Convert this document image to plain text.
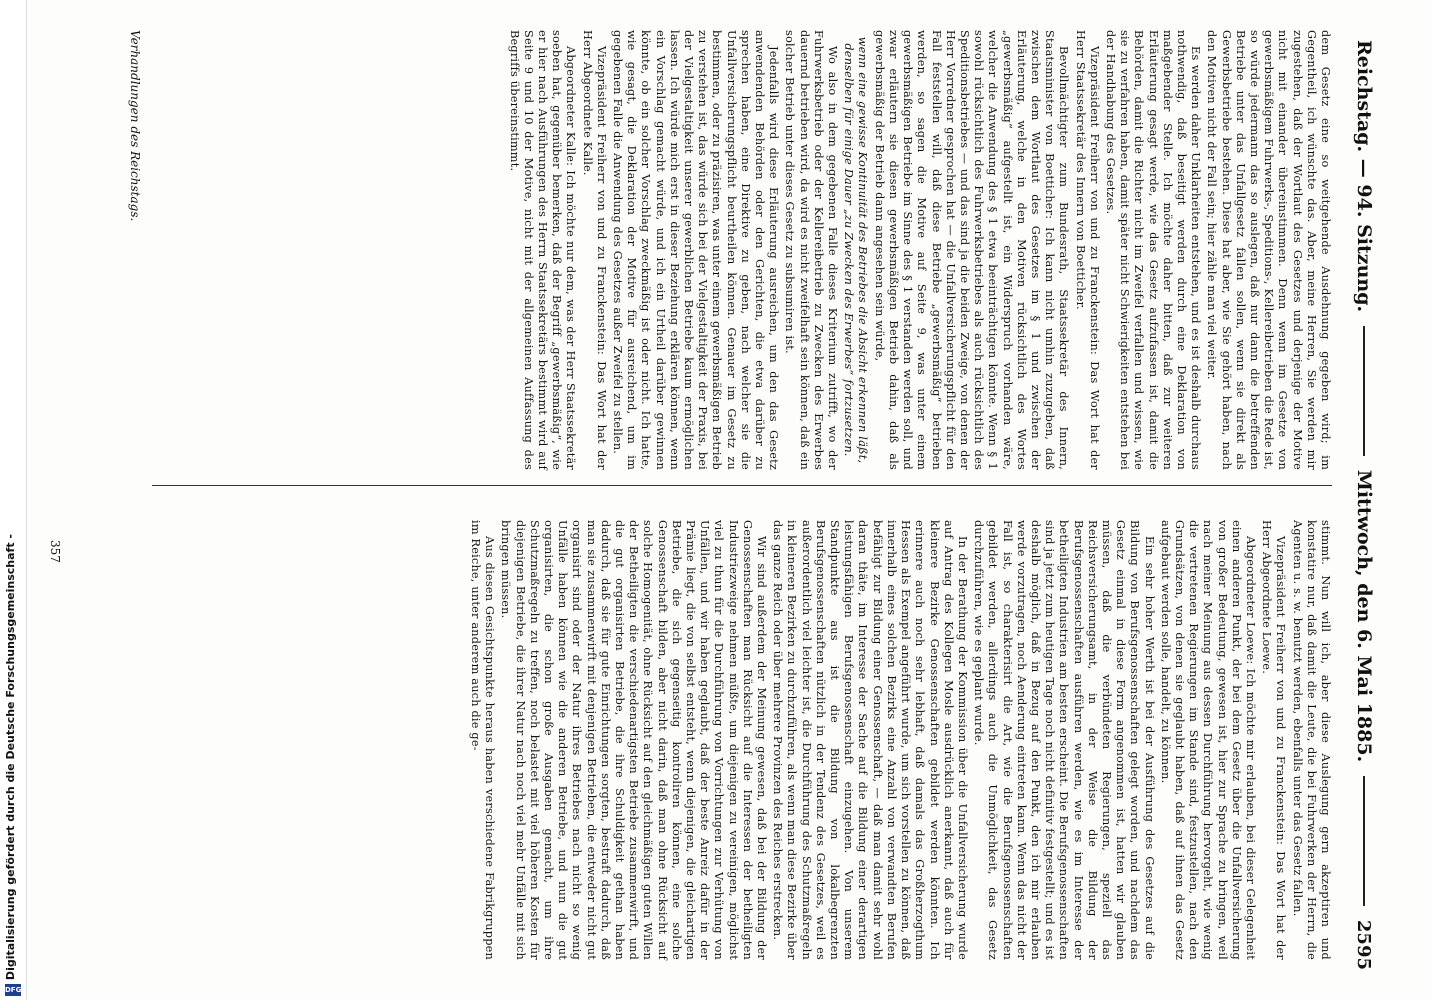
Digitalisierung gefördert durch die Deutsche Forschungsgemeinschaft -
DFG
Reichstag. — 94. Sitzung.
Mittwoch, den 6. Mai 1885.
2595

dem Gesetz eine so weitgehende Ausdehnung gegeben wird; im Gegentheil, ich wünschte das. Aber, meine Herren, Sie werden mir zugestehen, daß der Wortlaut des Gesetzes und derjenige der Motive nicht mit einander übereinstimmen. Denn wenn im Gesetze von gewerbsmäßigem Fuhrwerks-, Speditions-, Kellereibetrieben die Rede ist, so würde jedermann das so auslegen, daß nur dann die betreffenden Betriebe unter das Unfallgesetz fallen sollen, wenn sie direkt als Gewerbsbetriebe bestehen. Diese hat aber, wie Sie gehört haben, nach den Motiven nicht der Fall sein; hier zähle man viel weiter.

Es werden daher Unklarheiten entstehen, und es ist deshalb durchaus nothwendig, daß beseitigt werden durch eine Deklaration von maßgebender Stelle. Ich möchte daher bitten, daß zur weiteren Erläuterung gesagt werde, wie das Gesetz aufzufassen ist, damit die Behörden, damit die Richter nicht im Zweifel verfallen und wissen, wie sie zu verfahren haben, damit später nicht Schwierigkeiten entstehen bei der Handhabung des Gesetzes.

Vizepräsident Freiherr von und zu Franckenstein: Das Wort hat der Herr Staatssekretär des Innern von Boetticher.

Bevollmächtigter zum Bundesrath, Staatssekretär des Innern, Staatsminister von Boetticher: Ich kann nicht umhin zuzugeben, daß zwischen dem Wortlaut des Gesetzes im § 1 und zwischen der Erläuterung, welche in den Motiven rücksichtlich des Wortes „gewerbsmäßig“ aufgestellt ist, ein Widerspruch vorhanden wäre, welcher die Anwendung des § 1 etwa beeinträchtigen könnte. Wenn § 1 sowohl rücksichtlich des Fuhrwerksbetriebes als auch rücksichtlich des Speditionsbetriebes — und das sind ja die beiden Zweige, von denen der Herr Vorredner gesprochen hat — die Unfallversicherungspflicht für den Fall feststellen will, daß diese Betriebe „gewerbsmäßig“ betrieben werden, so sagen die Motive auf Seite 9, was unter einem gewerbsmäßigen Betriebe im Sinne des § 1 verstanden werden soll, und zwar erläutern sie diesen gewerbsmäßigen Betrieb dahin, daß als gewerbsmäßig der Betrieb dann angesehen sein würde,

wenn eine gewisse Kontinuität des Betriebes die Absicht erkennen läßt, denselben für einige Dauer „zu Zwecken des Erwerbes“ fortzusetzen.

Wo also in dem gegebenen Falle dieses Kriterium zutrifft, wo der Fuhrwerksbetrieb oder der Kellereibetrieb zu Zwecken des Erwerbes dauernd betrieben wird, da wird es nicht zweifelhaft sein können, daß ein solcher Betrieb unter dieses Gesetz zu subsumiren ist.

Jedenfalls wird diese Erläuterung ausreichen, um den das Gesetz anwendenden Behörden oder den Gerichten, die etwa darüber zu sprechen haben, eine Direktive zu geben, nach welcher sie die Unfallversicherungspflicht beurtheilen können. Genauer im Gesetz zu bestimmen, oder zu präzisiren, was unter einem gewerbsmäßigen Betrieb zu verstehen ist, das würde sich bei der Vielgestaltigkeit der Praxis, bei der Vielgestaltigkeit unserer gewerblichen Betriebe kaum ermöglichen lassen. Ich würde mich erst in dieser Beziehung erklären können, wenn ein Vorschlag gemacht würde, und ich ein Urtheil darüber gewinnen könnte, ob ein solcher Vorschlag zweckmäßig ist oder nicht. Ich hatte, wie gesagt, die Deklaration der Motive für ausreichend, um im gegebenen Falle die Anwendung des Gesetzes außer Zweifel zu stellen.

Vizepräsident Freiherr von und zu Franckenstein: Das Wort hat der Herr Abgeordnete Kalle.

Abgeordneter Kalle: Ich möchte nur dem, was der Herr Staatssekretär soeben hat, gegenüber bemerken, daß der Begriff „gewerbsmäßig“, wie er hier nach Ausführungen des Herrn Staatssekretärs bestimmt wird auf Seite 9 und 10 der Motive, nicht mit der allgemeinen Auffassung des Begriffs übereinstimmt.

stimmt. Nun will ich, aber diese Auslegung gern akzeptiren und konstatire nur, daß damit die Leute, die bei Fuhrwerken der Herrn, die Agenten u. s. w. benutzt werden, ebenfalls unter das Gesetz fallen.

Vizepräsident Freiherr von und zu Franckenstein: Das Wort hat der Herr Abgeordnete Loewe.

Abgeordneter Loewe: Ich möchte mir erlauben, bei dieser Gelegenheit einen anderen Punkt, der bei dem Gesetz über die Unfallversicherung von großer Bedeutung, gewesen ist, hier zur Sprache zu bringen, weil nach meiner Meinung aus dessen Durchführung hervorgeht, wie wenig die vertretenen Regierungen im Stande sind, festzustellen, nach den Grundsätzen, von denen sie geglaubt haben, daß auf ihnen das Gesetz aufgebaut werden solle, handelt, zu können.

Ein sehr hoher Werth ist bei der Ausführung des Gesetzes auf die Bildung von Berufsgenossenschaften gelegt worden, und nachdem das Gesetz einmal in diese Form angenommen ist, hatten wir glauben müssen, daß die verbündeten Regierungen, speziell das Reichsversicherungsamt, in der Weise die Bildung der Berufsgenossenschaften ausführen werden, wie es im Interesse der betheiligten Industrien am besten erscheint. Die Berufsgenossenschaften sind ja jetzt zum heutigen Tage noch nicht definitiv festgestellt; und es ist deshalb möglich, daß in Bezug auf den Punkt, den ich mir erlauben werde vorzutragen, noch Aenderung eintreten kann. Wenn das nicht der Fall ist, so charakterisirt die Art, wie die Berufsgenossenschaften gebildet werden, allerdings auch die Unmöglichkeit, das Gesetz durchzuführen, wie es geplant wurde.

In der Berathung der Kommission über die Unfallversicherung wurde auf Antrag des Kollegen Mosle ausdrücklich anerkannt, daß auch für kleinere Bezirke Genossenschaften gebildet werden könnten. Ich erinnere auch noch sehr lebhaft, daß damals das Großherzogthum Hessen als Exempel angeführt wurde, um sich vorstellen zu können, daß innerhalb eines solchen Bezirks eine Anzahl von verwandten Berufen befähigt zur Bildung einer Genossenschaft, — daß man damit sehr wohl daran thäte, im Interesse der Sache auf die Bildung einer derartigen leistungsfähigen Berufsgenossenschaft einzugehen. Von unserem Standpunkte aus ist die Bildung von lokalbegrenzten Berufsgenossenschaften nützlich in der Tendenz des Gesetzes, weil es außerordentlich viel leichter ist, die Durchführung des Schutzmaßregeln in kleineren Bezirken zu durchzuführen, als wenn man diese Bezirke über das ganze Reich oder über mehrere Provinzen des Reiches erstrecken.

Wir sind außerdem der Meinung gewesen, daß bei der Bildung der Genossenschaften man Rücksicht auf die Interessen der betheiligten Industriezweige nehmen müßte, um diejenigen zu vereinigen, möglichst viel zu thun für die Durchführung von Vorrichtungen zur Verhütung von Unfällen, und wir haben geglaubt, daß der beste Anreiz dafür in der Prämie liegt, die von selbst entsteht, wenn diejenigen, die gleichartigen Betriebe, die sich gegenseitig kontroliren können, eine solche Genossenschaft bilden, aber nicht darin, daß man ohne Rücksicht auf solche Homogenität, ohne Rücksicht auf den gleichmäßigen guten Willen der Betheiligten die verschiedenartigsten Betriebe zusammenwirft, und die gut organisirten Betriebe, die ihre Schuldigkeit gethan haben dadurch, daß sie für gute Einrichtungen sorgten, bestraft dadurch, daß man sie zusammenwirft mit denjenigen Betrieben, die entweder nicht gut organisirt sind oder der Natur ihres Betriebes nach nicht so wenig Unfälle haben können wie die anderen Betriebe, und nun die gut organisirten, die schon große Ausgaben gemacht, um ihre Schutzmaßregeln zu treffen, noch belastet mit viel höheren Kosten für diejenigen Betriebe, die ihrer Natur nach noch viel mehr Unfälle mit sich bringen müssen.

Aus diesen Gesichtspunkte heraus haben verschiedene Fabrikgruppen im Reiche, unter anderem auch die ge-

Verhandlungen des Reichstags.
357
